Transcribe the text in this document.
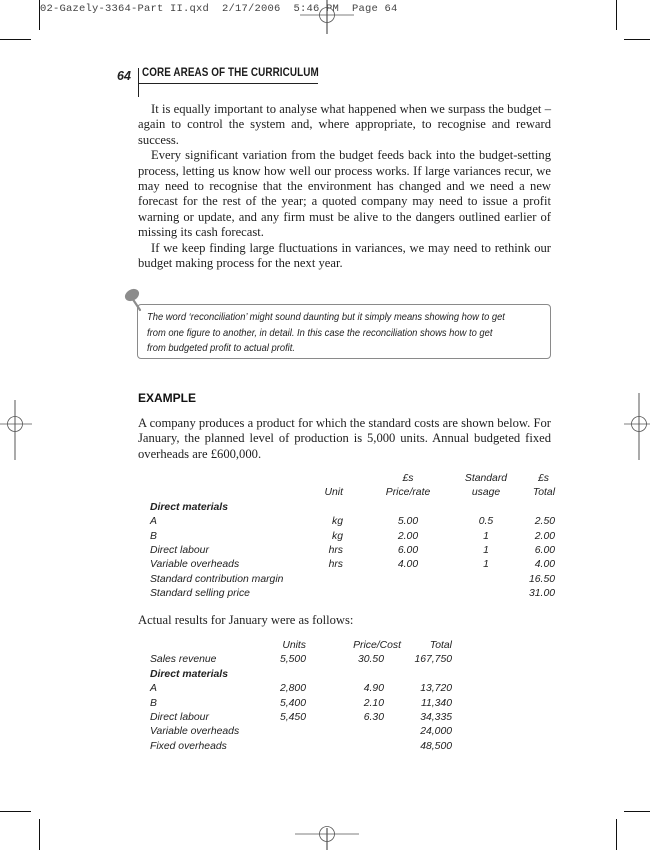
02-Gazely-3364-Part II.qxd  2/17/2006  5:46 PM  Page 64
64 CORE AREAS OF THE CURRICULUM

It is equally important to analyse what happened when we surpass the budget – again to control the system and, where appropriate, to recognise and reward success.

Every significant variation from the budget feeds back into the budget-setting process, letting us know how well our process works. If large variances recur, we may need to recognise that the environment has changed and we need a new forecast for the rest of the year; a quoted company may need to issue a profit warning or update, and any firm must be alive to the dangers outlined earlier of missing its cash forecast.

If we keep finding large fluctuations in variances, we may need to rethink our budget making process for the next year.

The word ‘reconciliation’ might sound daunting but it simply means showing how to get
from one figure to another, in detail. In this case the reconciliation shows how to get
from budgeted profit to actual profit.
EXAMPLE

A company produces a product for which the standard costs are shown below. For January, the planned level of production is 5,000 units. Annual budgeted fixed overheads are £600,000.

		£s	Standard	£s
	Unit	Price/rate	usage	Total
Direct materials				
A	kg	5.00	0.5	2.50
B	kg	2.00	1	2.00
Direct labour	hrs	6.00	1	6.00
Variable overheads	hrs	4.00	1	4.00
Standard contribution margin				16.50
Standard selling price				31.00

Actual results for January were as follows:

	Units	Price/Cost	Total
Sales revenue	5,500	30.50	167,750
Direct materials			
A	2,800	4.90	13,720
B	5,400	2.10	11,340
Direct labour	5,450	6.30	34,335
Variable overheads			24,000
Fixed overheads			48,500
